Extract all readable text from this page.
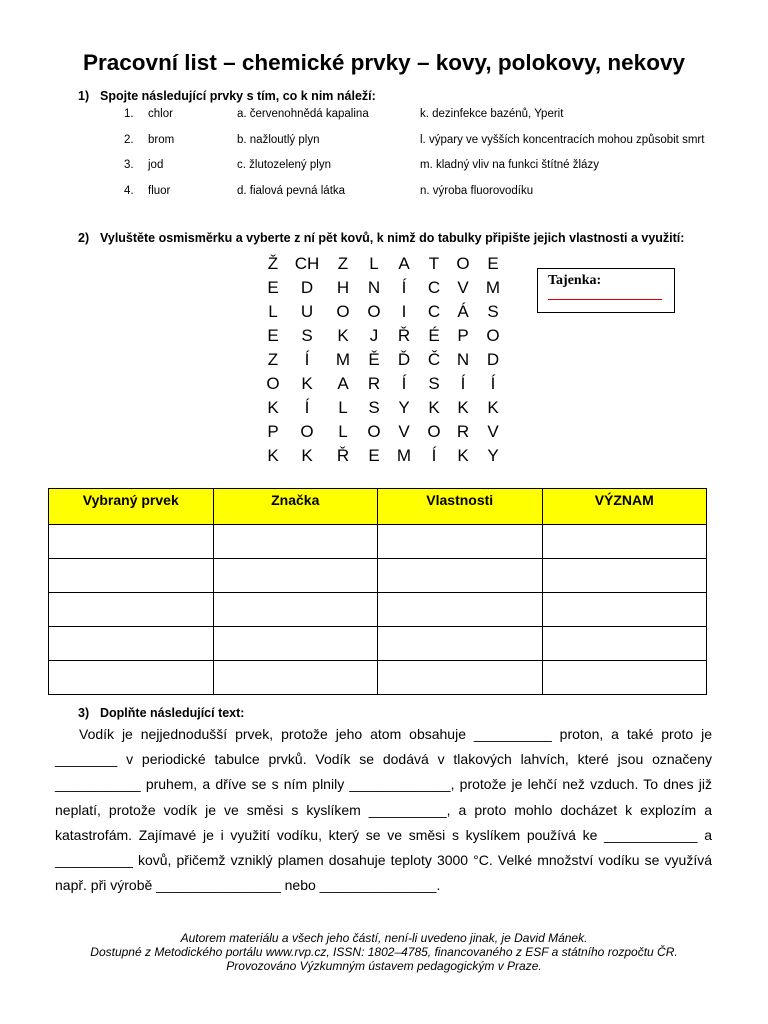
Pracovní list – chemické prvky – kovy, polokovy, nekovy
1) Spojte následující prvky s tím, co k nim náleží:
1. chlor	a. červenohnědá kapalina	k. dezinfekce bazénů, Yperit
2. brom	b. nažloutlý plyn	l. výpary ve vyšších koncentracích mohou způsobit smrt
3. jod	c. žlutozelený plyn	m. kladný vliv na funkci štítné žlázy
4. fluor	d. fialová pevná látka	n. výroba fluorovodíku
2) Vyluštěte osmisměrku a vyberte z ní pět kovů, k nimž do tabulky připište jejich vlastnosti a využití:
Ž CH	Z	L	A	T	O	E
E	D	H	N	Í	C	V	M
L	U	O	O	I	C	Á	S
E	S	K	J	Ř	É	P	O
Z	Í	M	Ě	Ď	Č N	D
O	K	A	R	Í	S	Í	Í
K	Í	L	S	Y	K	K	K
P	O	L	O	V	O R	V
K	K	Ř	E	M	Í	K	Y
Tajenka:
Vybraný prvek	Značka	Vlastnosti	VÝZNAM

3) Doplňte následující text:
Vodík je nejjednodušší prvek, protože jeho atom obsahuje __________ proton, a také proto je ________ v periodické tabulce prvků. Vodík se dodává v tlakových lahvích, které jsou označeny ___________ pruhem, a dříve se s ním plnily _____________, protože je lehčí než vzduch. To dnes již neplatí, protože vodík je ve směsi s kyslíkem __________, a proto mohlo docházet k explozím a katastrofám. Zajímavé je i využití vodíku, který se ve směsi s kyslíkem používá ke ____________ a __________ kovů, přičemž vzniklý plamen dosahuje teploty 3000 °C. Velké množství vodíku se využívá např. při výrobě ________________ nebo _______________.
Autorem materiálu a všech jeho částí, není-li uvedeno jinak, je David Mánek.
Dostupné z Metodického portálu www.rvp.cz, ISSN: 1802–4785, financovaného z ESF a státního rozpočtu ČR.
Provozováno Výzkumným ústavem pedagogickým v Praze.
